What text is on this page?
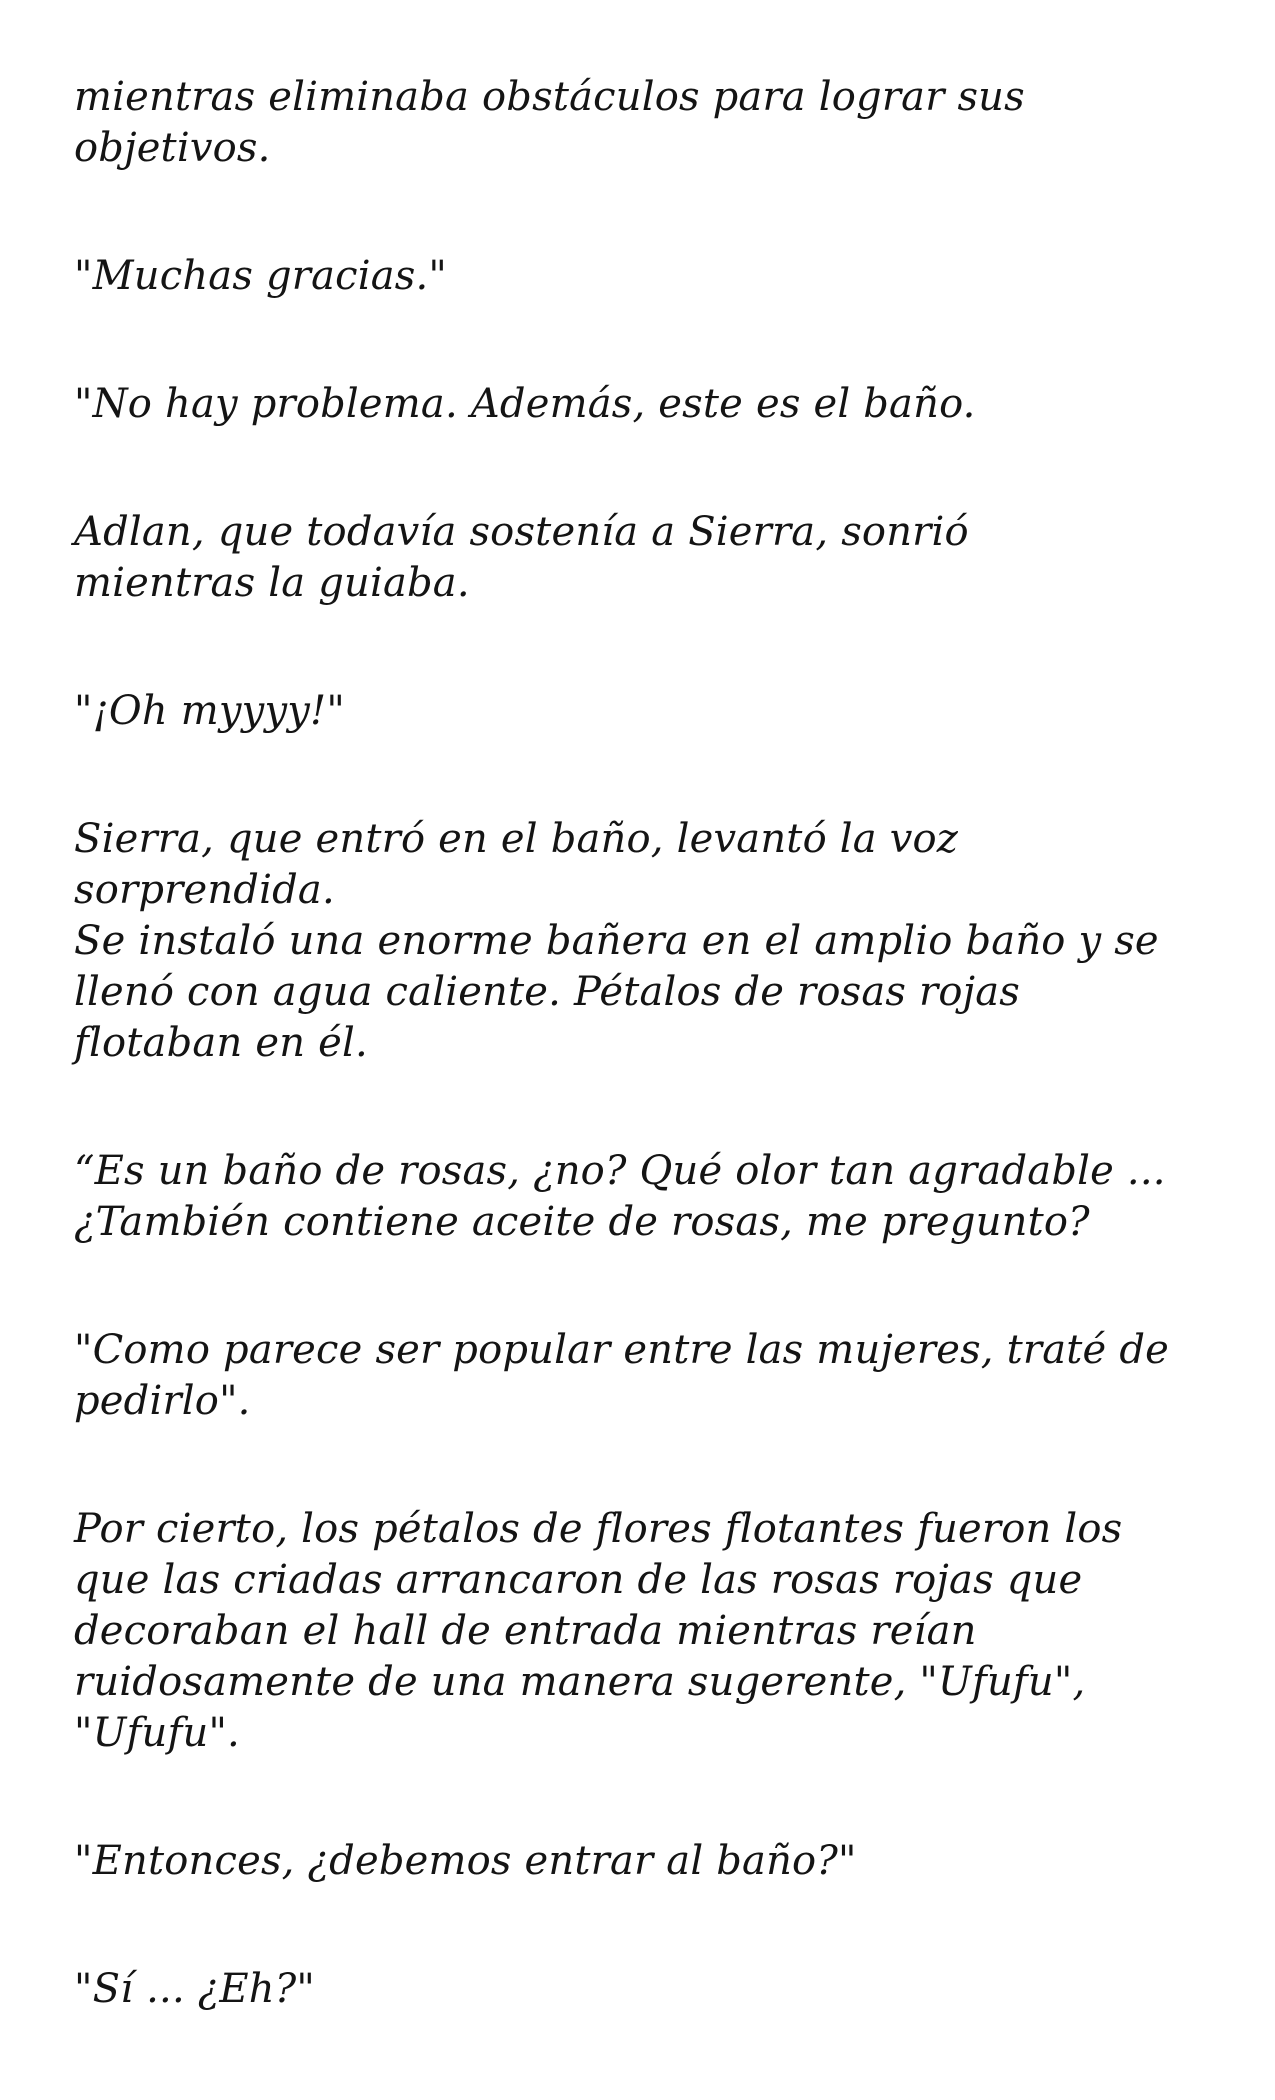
mientras eliminaba obstáculos para lograr sus
objetivos.

"Muchas gracias."

"No hay problema. Además, este es el baño.

Adlan, que todavía sostenía a Sierra, sonrió
mientras la guiaba.

"¡Oh myyyy!"

Sierra, que entró en el baño, levantó la voz
sorprendida.

Se instaló una enorme bañera en el amplio baño y se
llenó con agua caliente. Pétalos de rosas rojas
flotaban en él.

“Es un baño de rosas, ¿no? Qué olor tan agradable ...
¿También contiene aceite de rosas, me pregunto?

"Como parece ser popular entre las mujeres, traté de
pedirlo".

Por cierto, los pétalos de flores flotantes fueron los
que las criadas arrancaron de las rosas rojas que
decoraban el hall de entrada mientras reían
ruidosamente de una manera sugerente, "Ufufu",
"Ufufu".

"Entonces, ¿debemos entrar al baño?"

"Sí ... ¿Eh?"
